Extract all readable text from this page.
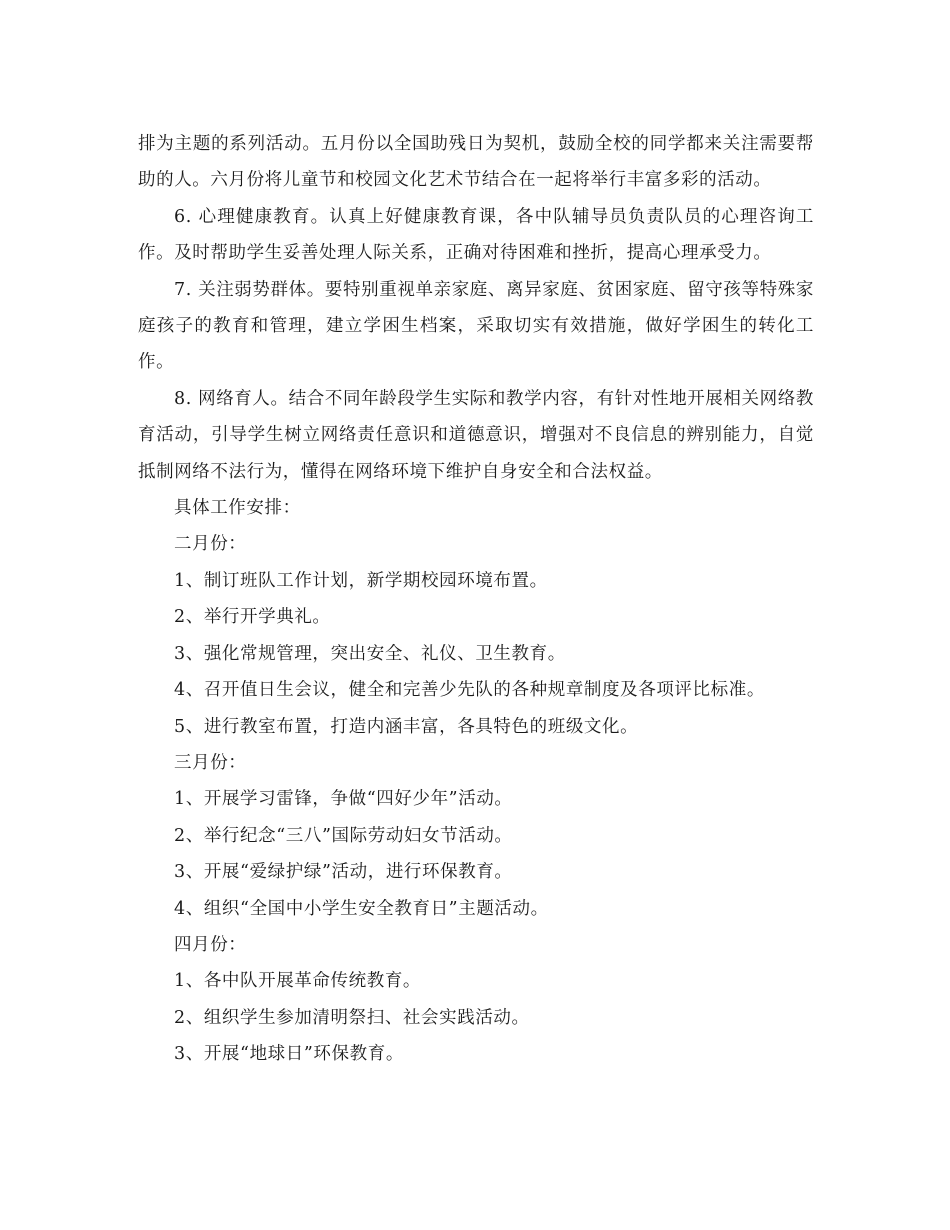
排为主题的系列活动。五月份以全国助残日为契机，鼓励全校的同学都来关注需要帮助的人。六月份将儿童节和校园文化艺术节结合在一起将举行丰富多彩的活动。

6. 心理健康教育。认真上好健康教育课，各中队辅导员负责队员的心理咨询工作。及时帮助学生妥善处理人际关系，正确对待困难和挫折，提高心理承受力。

7. 关注弱势群体。要特别重视单亲家庭、离异家庭、贫困家庭、留守孩等特殊家庭孩子的教育和管理，建立学困生档案，采取切实有效措施，做好学困生的转化工作。

8. 网络育人。结合不同年龄段学生实际和教学内容，有针对性地开展相关网络教育活动，引导学生树立网络责任意识和道德意识，增强对不良信息的辨别能力，自觉抵制网络不法行为，懂得在网络环境下维护自身安全和合法权益。

具体工作安排：

二月份：

1、制订班队工作计划，新学期校园环境布置。

2、举行开学典礼。

3、强化常规管理，突出安全、礼仪、卫生教育。

4、召开值日生会议，健全和完善少先队的各种规章制度及各项评比标准。

5、进行教室布置，打造内涵丰富，各具特色的班级文化。

三月份：

1、开展学习雷锋，争做“四好少年”活动。

2、举行纪念“三八”国际劳动妇女节活动。

3、开展“爱绿护绿”活动，进行环保教育。

4、组织“全国中小学生安全教育日”主题活动。

四月份：

1、各中队开展革命传统教育。

2、组织学生参加清明祭扫、社会实践活动。

3、开展“地球日”环保教育。
